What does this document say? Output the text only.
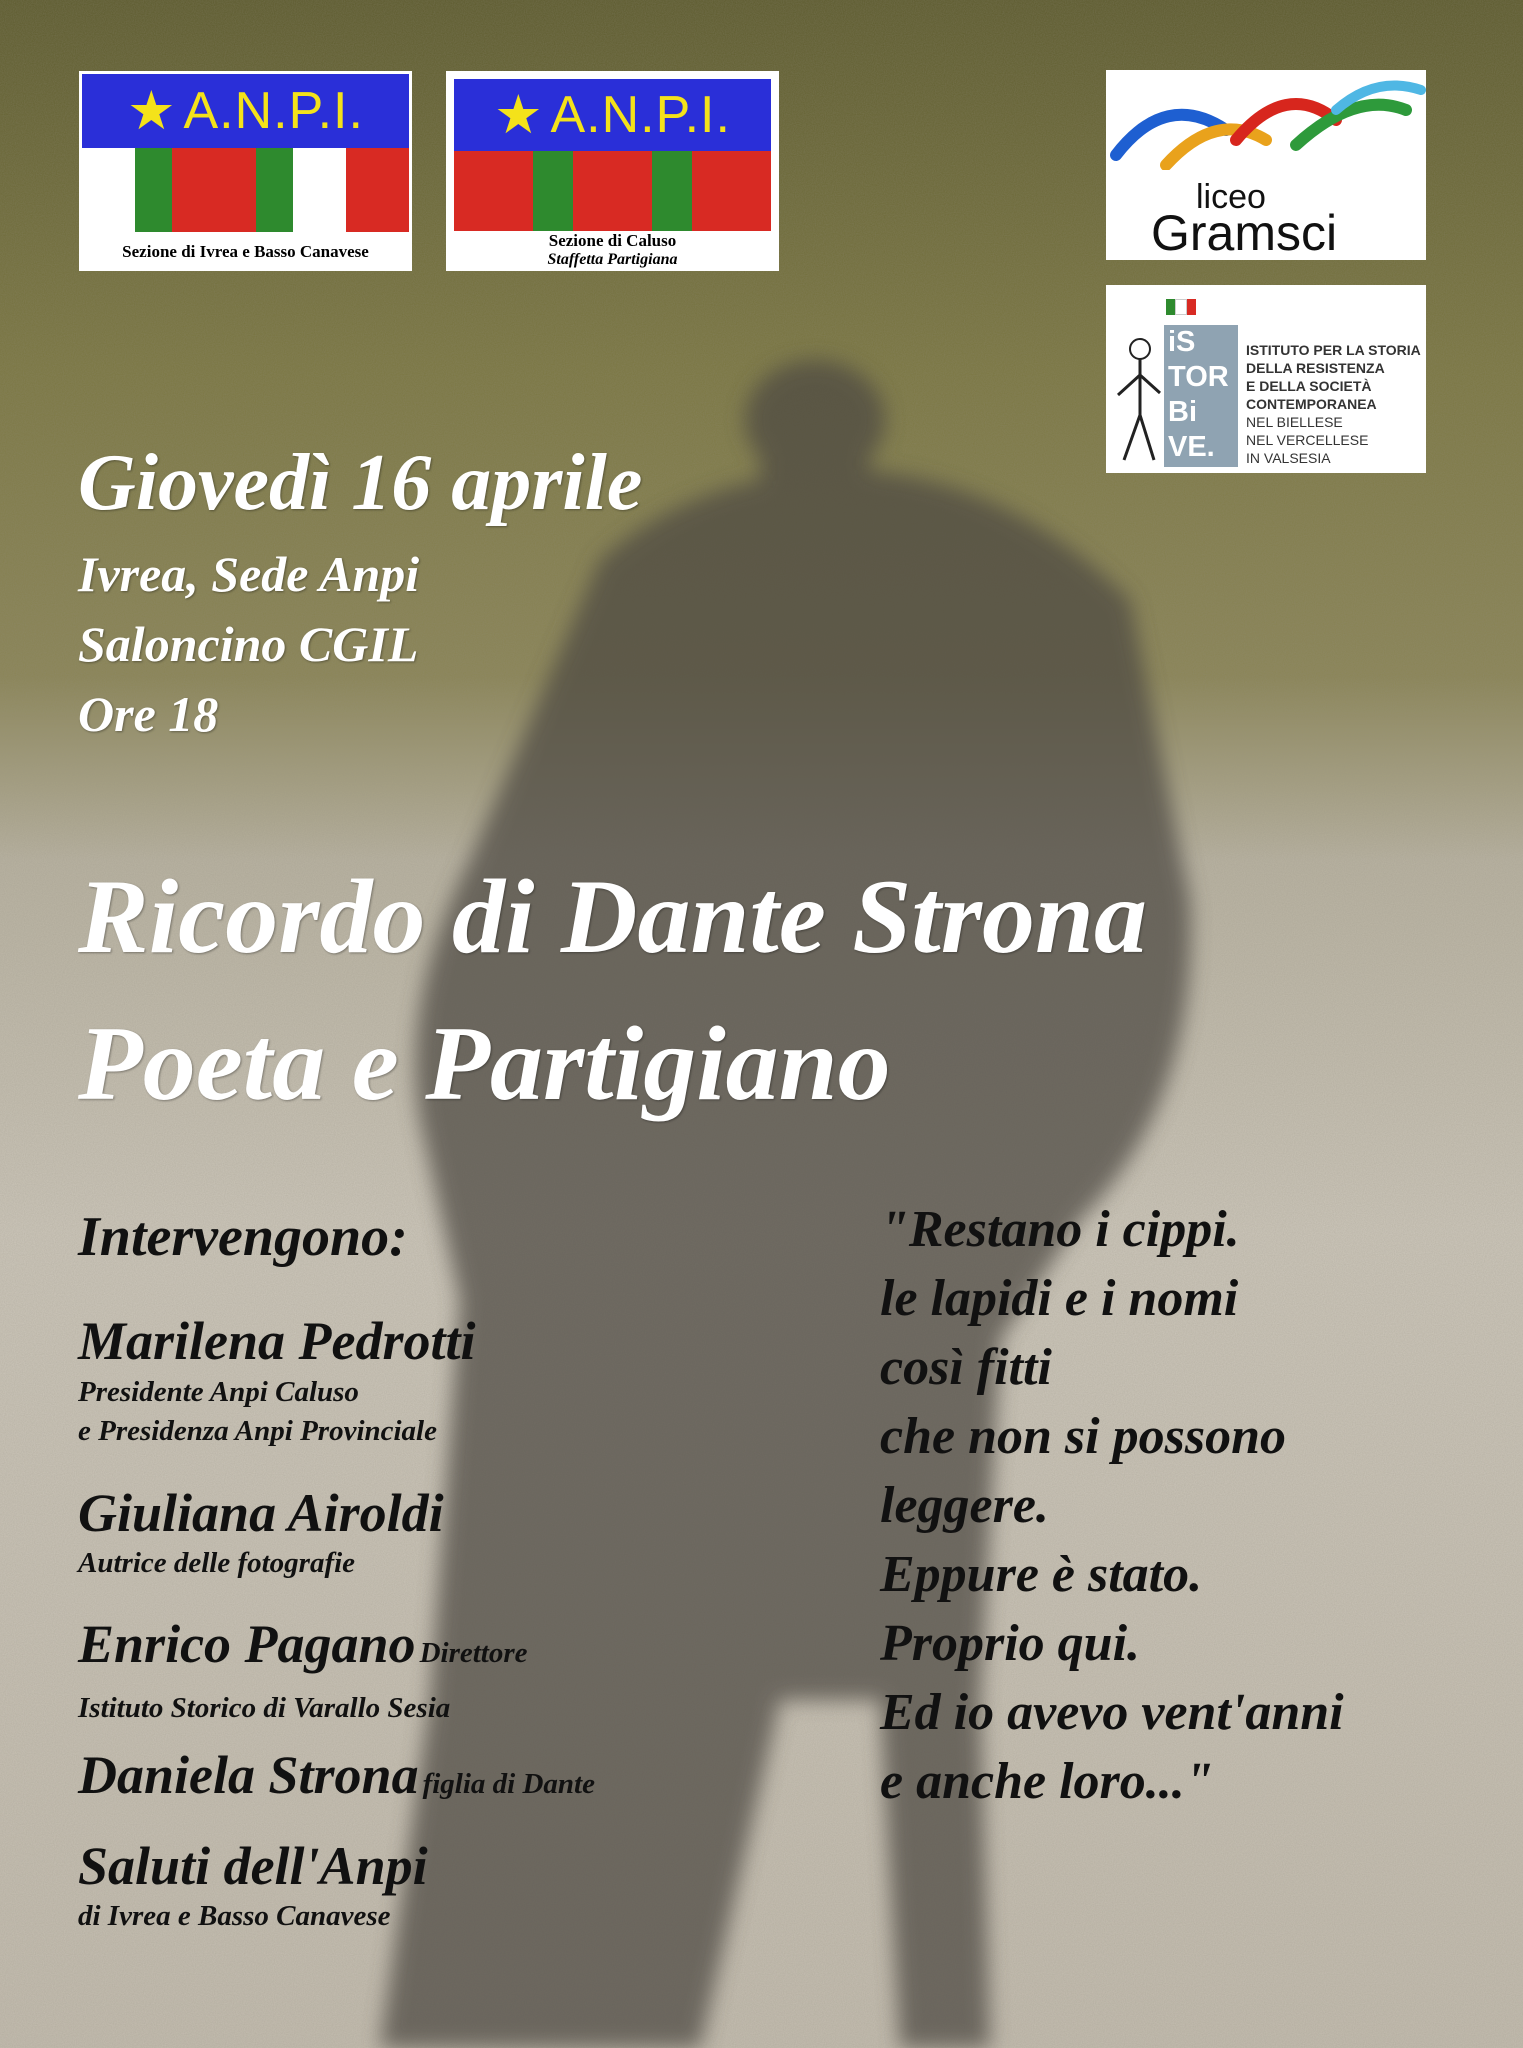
★ A.N.P.I.
Sezione di Ivrea e Basso Canavese
★ A.N.P.I.
Sezione di Caluso
Staffetta Partigiana
liceo
Gramsci
iS
TOR
Bi
VE.
ISTITUTO PER LA STORIA
DELLA RESISTENZA
E DELLA SOCIETÀ
CONTEMPORANEA
NEL BIELLESE
NEL VERCELLESE
IN VALSESIA
Giovedì 16 aprile
Ivrea, Sede Anpi
Saloncino CGIL
Ore 18
Ricordo di Dante Strona
Poeta e Partigiano
Intervengono:
Marilena Pedrotti
Presidente Anpi Caluso
e Presidenza Anpi Provinciale
Giuliana Airoldi
Autrice delle fotografie
Enrico Pagano Direttore
Istituto Storico di Varallo Sesia
Daniela Strona figlia di Dante
Saluti dell'Anpi
di Ivrea e Basso Canavese
"Restano i cippi.
le lapidi e i nomi
così fitti
che non si possono
leggere.
Eppure è stato.
Proprio qui.
Ed io avevo vent'anni
e anche loro..."
